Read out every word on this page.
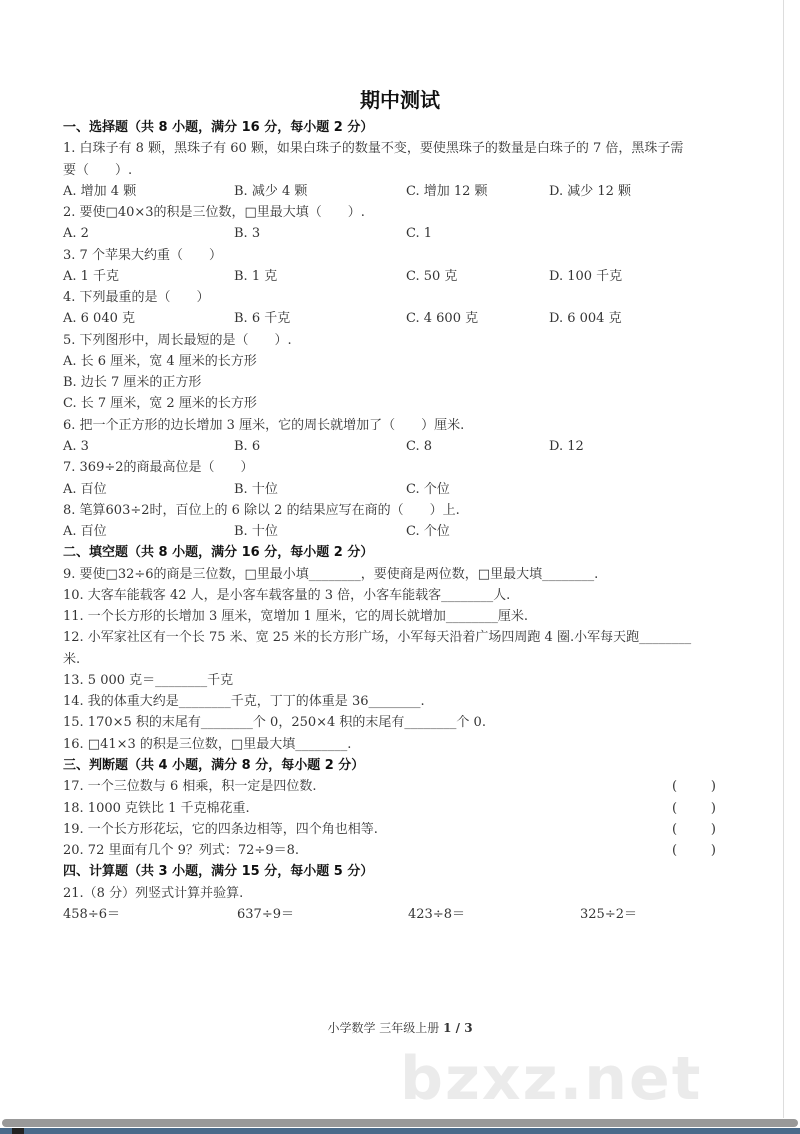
期中测试
一、选择题（共 8 小题，满分 16 分，每小题 2 分）
1. 白珠子有 8 颗，黑珠子有 60 颗，如果白珠子的数量不变，要使黑珠子的数量是白珠子的 7 倍，黑珠子需
要（　　）.
A. 增加 4 颗	B. 减少 4 颗	C. 增加 12 颗	D. 减少 12 颗
2. 要使□40×3的积是三位数，□里最大填（　　）.
A. 2	B. 3	C. 1
3. 7 个苹果大约重（　　）
A. 1 千克	B. 1 克	C. 50 克	D. 100 千克
4. 下列最重的是（　　）
A. 6 040 克	B. 6 千克	C. 4 600 克	D. 6 004 克
5. 下列图形中，周长最短的是（　　）.
A. 长 6 厘米，宽 4 厘米的长方形
B. 边长 7 厘米的正方形
C. 长 7 厘米，宽 2 厘米的长方形
6. 把一个正方形的边长增加 3 厘米，它的周长就增加了（　　）厘米.
A. 3	B. 6	C. 8	D. 12
7. 369÷2的商最高位是（　　）
A. 百位	B. 十位	C. 个位
8. 笔算603÷2时，百位上的 6 除以 2 的结果应写在商的（　　）上.
A. 百位	B. 十位	C. 个位
二、填空题（共 8 小题，满分 16 分，每小题 2 分）
9. 要使□32÷6的商是三位数，□里最小填________，要使商是两位数，□里最大填________.
10. 大客车能载客 42 人，是小客车载客量的 3 倍，小客车能载客________人.
11. 一个长方形的长增加 3 厘米，宽增加 1 厘米，它的周长就增加________厘米.
12. 小军家社区有一个长 75 米、宽 25 米的长方形广场，小军每天沿着广场四周跑 4 圈.小军每天跑________
米.
13. 5 000 克＝________千克
14. 我的体重大约是________千克，丁丁的体重是 36________.
15. 170×5 积的末尾有________个 0，250×4 积的末尾有________个 0.
16. □41×3 的积是三位数，□里最大填________.
三、判断题（共 4 小题，满分 8 分，每小题 2 分）
17. 一个三位数与 6 相乘，积一定是四位数.	(	)
18. 1000 克铁比 1 千克棉花重.	(	)
19. 一个长方形花坛，它的四条边相等，四个角也相等.	(	)
20. 72 里面有几个 9？列式：72÷9＝8.	(	)
四、计算题（共 3 小题，满分 15 分，每小题 5 分）
21.（8 分）列竖式计算并验算.
458÷6＝	637÷9＝	423÷8＝	325÷2＝
小学数学 三年级上册 1 / 3
bzxz.net
